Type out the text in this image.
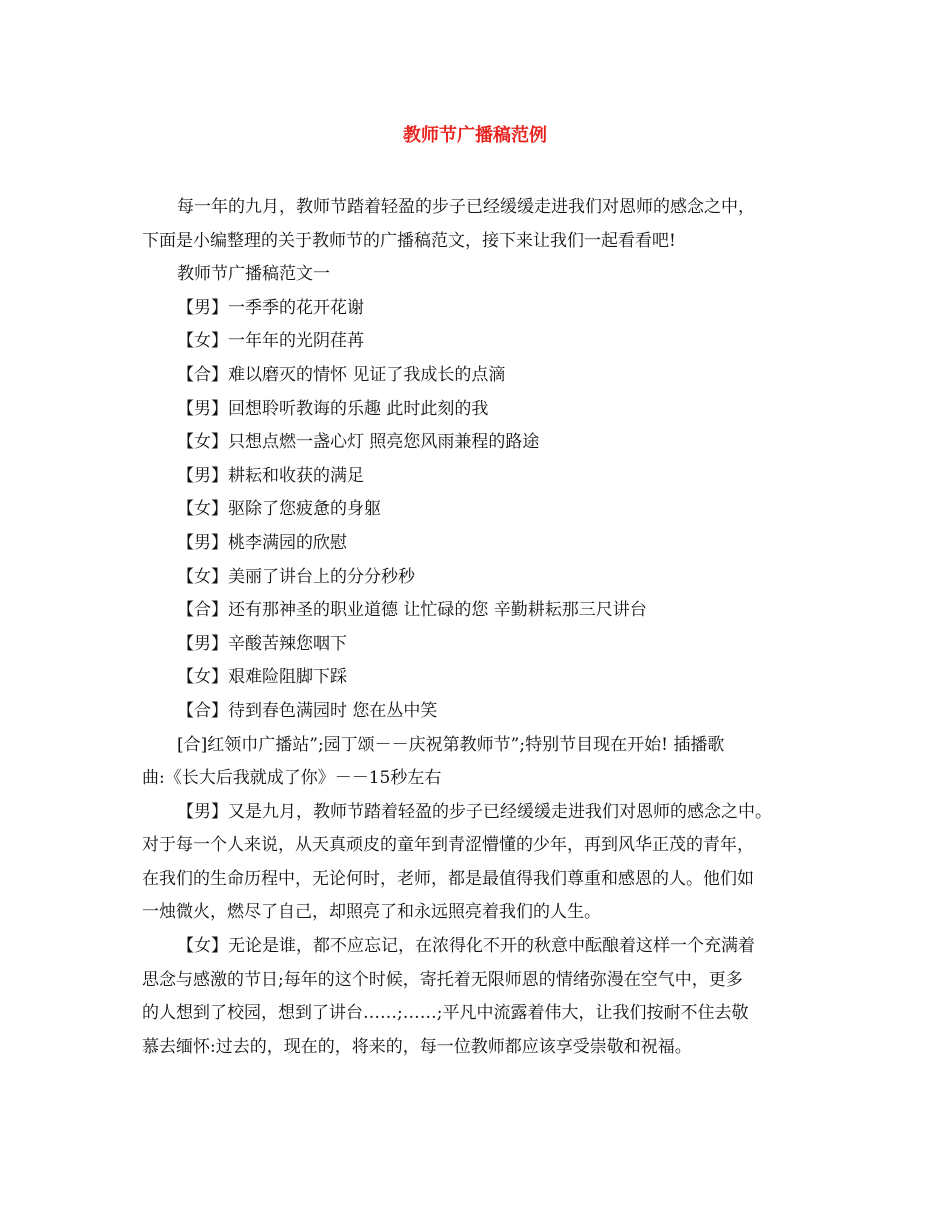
教师节广播稿范例
每一年的九月，教师节踏着轻盈的步子已经缓缓走进我们对恩师的感念之中，
下面是小编整理的关于教师节的广播稿范文，接下来让我们一起看看吧!
教师节广播稿范文一
【男】一季季的花开花谢
【女】一年年的光阴荏苒
【合】难以磨灭的情怀 见证了我成长的点滴
【男】回想聆听教诲的乐趣 此时此刻的我
【女】只想点燃一盏心灯 照亮您风雨兼程的路途
【男】耕耘和收获的满足
【女】驱除了您疲惫的身躯
【男】桃李满园的欣慰
【女】美丽了讲台上的分分秒秒
【合】还有那神圣的职业道德 让忙碌的您 辛勤耕耘那三尺讲台
【男】辛酸苦辣您咽下
【女】艰难险阻脚下踩
【合】待到春色满园时 您在丛中笑
[合]红领巾广播站”;园丁颂－－庆祝第教师节”;特别节目现在开始! 插播歌
曲:《长大后我就成了你》－－15秒左右
【男】又是九月，教师节踏着轻盈的步子已经缓缓走进我们对恩师的感念之中。
对于每一个人来说，从天真顽皮的童年到青涩懵懂的少年，再到风华正茂的青年，
在我们的生命历程中，无论何时，老师，都是最值得我们尊重和感恩的人。他们如
一烛微火，燃尽了自己，却照亮了和永远照亮着我们的人生。
【女】无论是谁，都不应忘记，在浓得化不开的秋意中酝酿着这样一个充满着
思念与感激的节日;每年的这个时候，寄托着无限师恩的情绪弥漫在空气中，更多
的人想到了校园，想到了讲台……;……;平凡中流露着伟大，让我们按耐不住去敬
慕去缅怀:过去的，现在的，将来的，每一位教师都应该享受崇敬和祝福。
